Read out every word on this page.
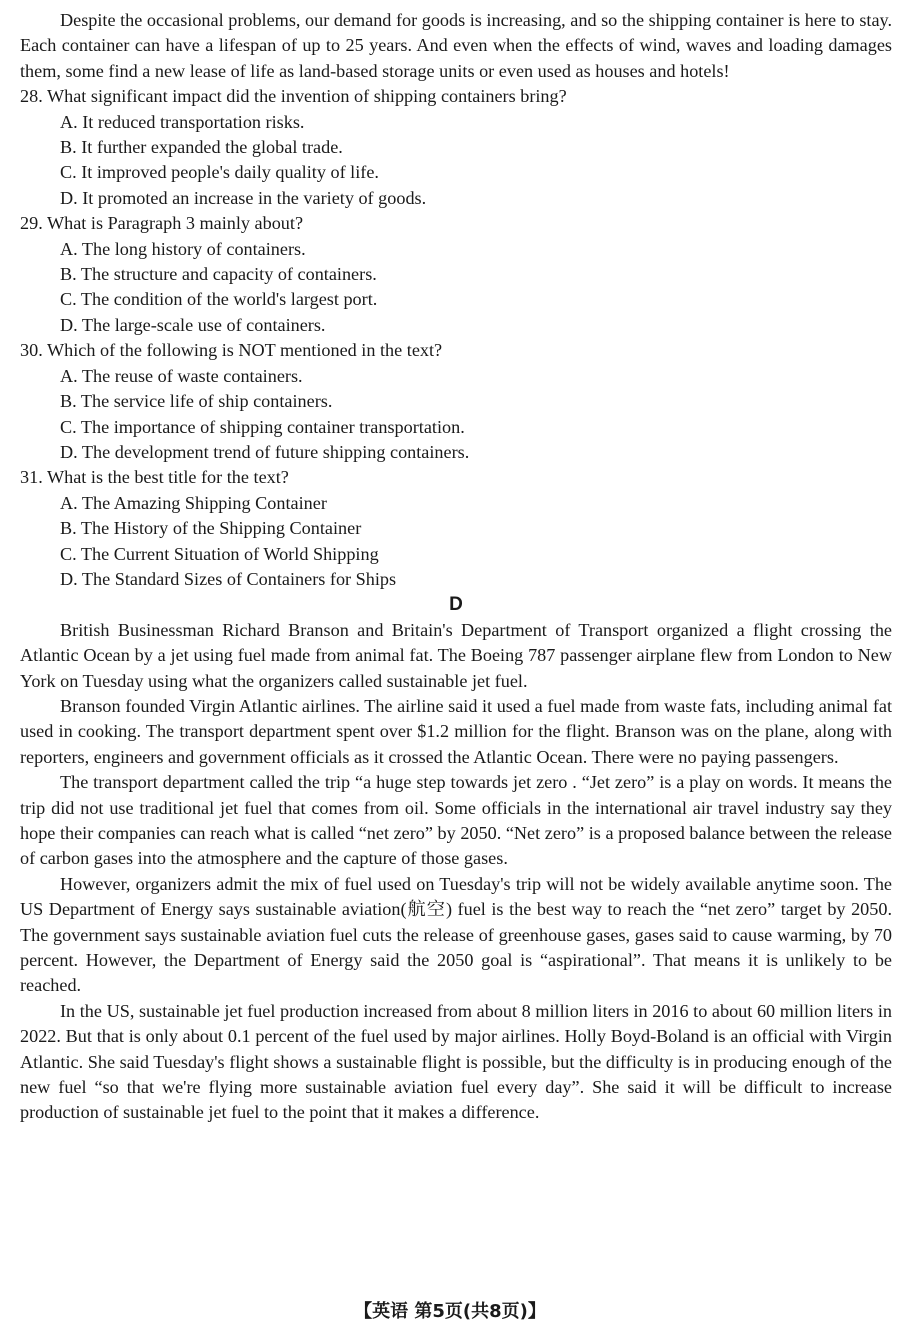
Despite the occasional problems, our demand for goods is increasing, and so the shipping container is here to stay. Each container can have a lifespan of up to 25 years. And even when the effects of wind, waves and loading damages them, some find a new lease of life as land-based storage units or even used as houses and hotels!

28. What significant impact did the invention of shipping containers bring?

A. It reduced transportation risks.
B. It further expanded the global trade.
C. It improved people's daily quality of life.
D. It promoted an increase in the variety of goods.

29. What is Paragraph 3 mainly about?

A. The long history of containers.
B. The structure and capacity of containers.
C. The condition of the world's largest port.
D. The large-scale use of containers.

30. Which of the following is NOT mentioned in the text?

A. The reuse of waste containers.
B. The service life of ship containers.
C. The importance of shipping container transportation.
D. The development trend of future shipping containers.

31. What is the best title for the text?

A. The Amazing Shipping Container
B. The History of the Shipping Container
C. The Current Situation of World Shipping
D. The Standard Sizes of Containers for Ships

D

British Businessman Richard Branson and Britain's Department of Transport organized a flight crossing the Atlantic Ocean by a jet using fuel made from animal fat. The Boeing 787 passenger airplane flew from London to New York on Tuesday using what the organizers called sustainable jet fuel.

Branson founded Virgin Atlantic airlines. The airline said it used a fuel made from waste fats, including animal fat used in cooking. The transport department spent over $1.2 million for the flight. Branson was on the plane, along with reporters, engineers and government officials as it crossed the Atlantic Ocean. There were no paying passengers.

The transport department called the trip “a huge step towards jet zero . “Jet zero” is a play on words. It means the trip did not use traditional jet fuel that comes from oil. Some officials in the international air travel industry say they hope their companies can reach what is called “net zero” by 2050. “Net zero” is a proposed balance between the release of carbon gases into the atmosphere and the capture of those gases.

However, organizers admit the mix of fuel used on Tuesday's trip will not be widely available anytime soon. The US Department of Energy says sustainable aviation(航空) fuel is the best way to reach the “net zero” target by 2050. The government says sustainable aviation fuel cuts the release of greenhouse gases, gases said to cause warming, by 70 percent. However, the Department of Energy said the 2050 goal is “aspirational”. That means it is unlikely to be reached.

In the US, sustainable jet fuel production increased from about 8 million liters in 2016 to about 60 million liters in 2022. But that is only about 0.1 percent of the fuel used by major airlines. Holly Boyd-Boland is an official with Virgin Atlantic. She said Tuesday's flight shows a sustainable flight is possible, but the difficulty is in producing enough of the new fuel “so that we're flying more sustainable aviation fuel every day”. She said it will be difficult to increase production of sustainable jet fuel to the point that it makes a difference.

【英语 第5页(共8页)】
